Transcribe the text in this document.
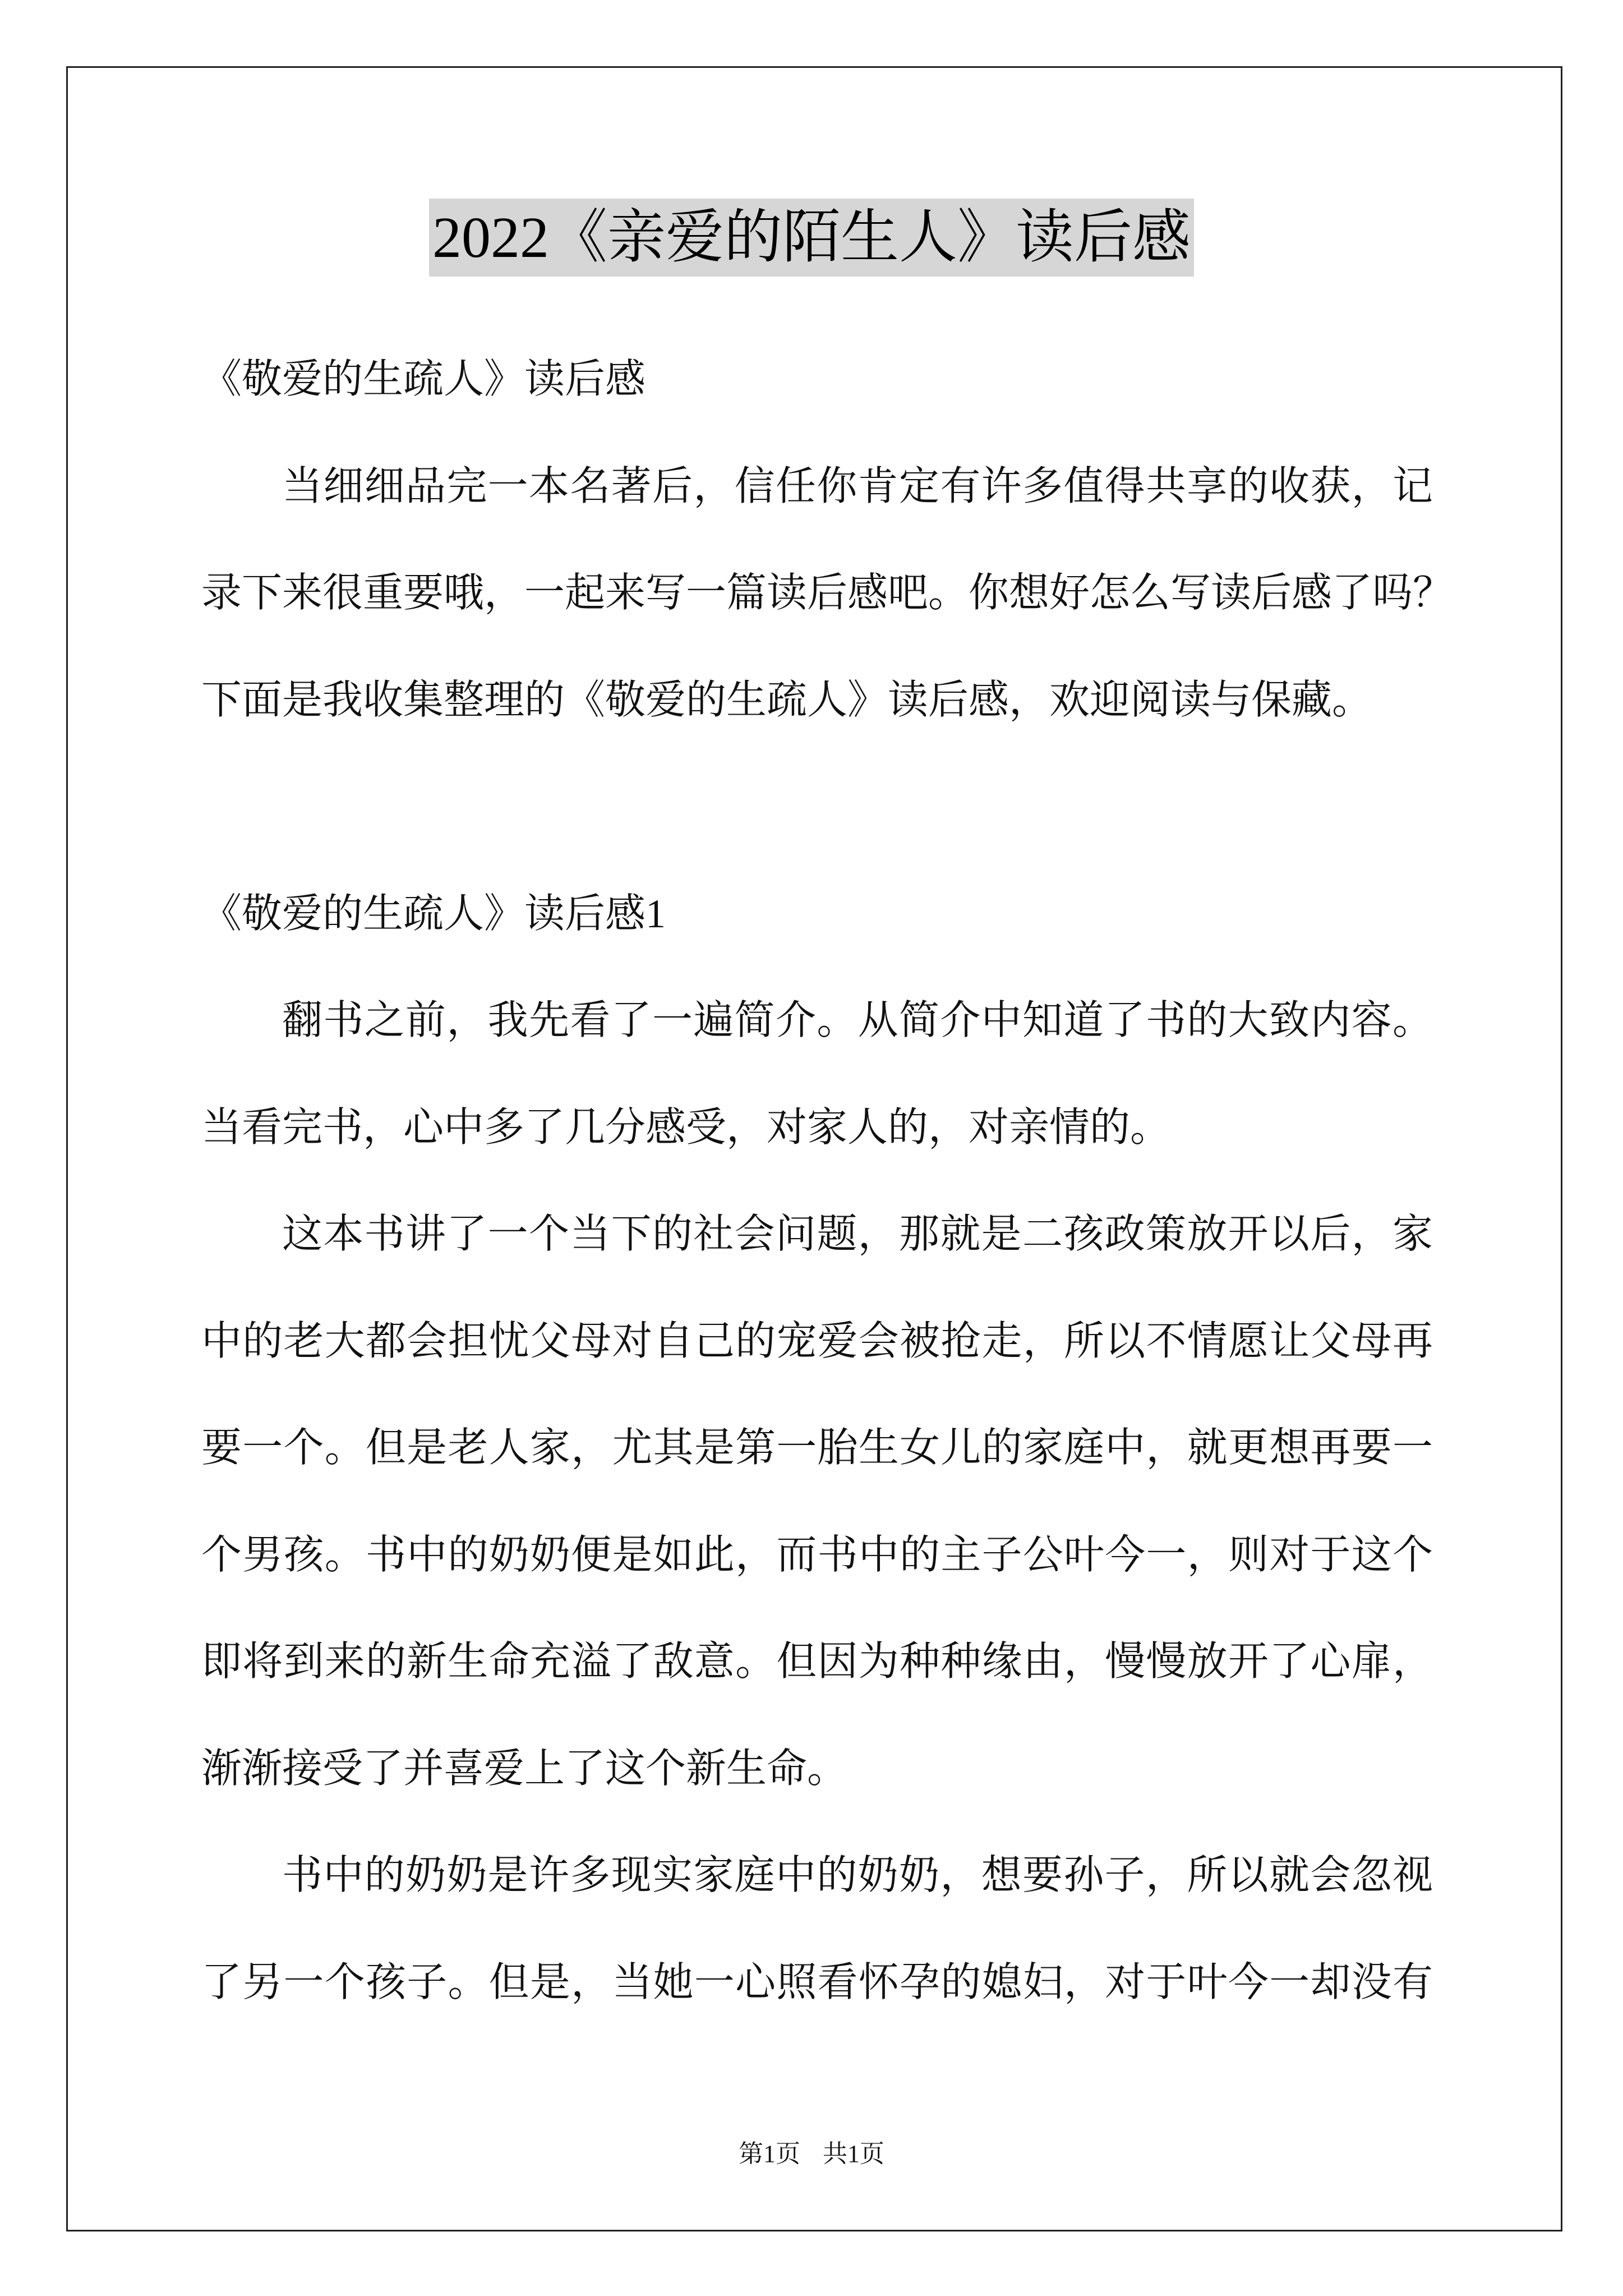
2022《亲爱的陌生人》读后感
《敬爱的生疏人》读后感
当细细品完一本名著后，信任你肯定有许多值得共享的收获，记
录下来很重要哦，一起来写一篇读后感吧。你想好怎么写读后感了吗？
下面是我收集整理的《敬爱的生疏人》读后感，欢迎阅读与保藏。
《敬爱的生疏人》读后感1
翻书之前，我先看了一遍简介。从简介中知道了书的大致内容。
当看完书，心中多了几分感受，对家人的，对亲情的。
这本书讲了一个当下的社会问题，那就是二孩政策放开以后，家
中的老大都会担忧父母对自己的宠爱会被抢走，所以不情愿让父母再
要一个。但是老人家，尤其是第一胎生女儿的家庭中，就更想再要一
个男孩。书中的奶奶便是如此，而书中的主子公叶今一，则对于这个
即将到来的新生命充溢了敌意。但因为种种缘由，慢慢放开了心扉，
渐渐接受了并喜爱上了这个新生命。
书中的奶奶是许多现实家庭中的奶奶，想要孙子，所以就会忽视
了另一个孩子。但是，当她一心照看怀孕的媳妇，对于叶今一却没有
第1页 共1页
